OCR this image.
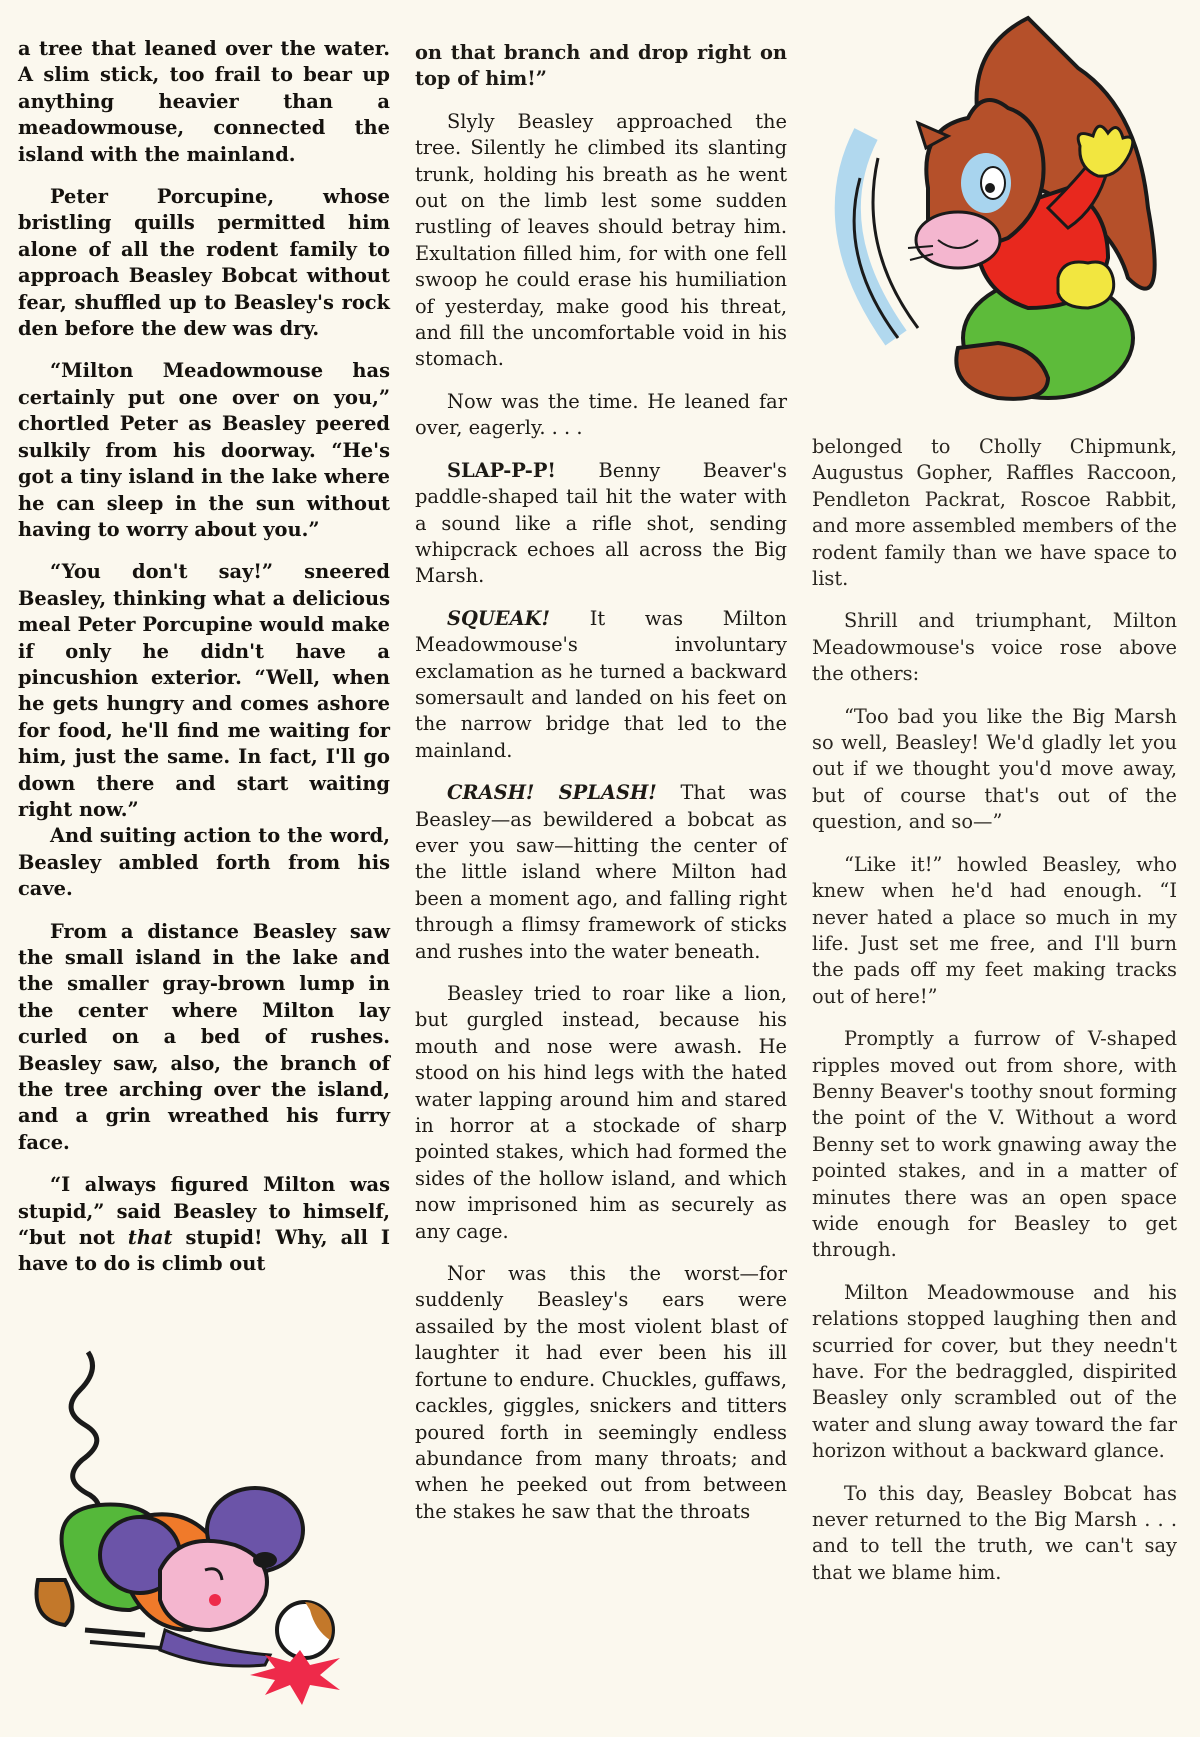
a tree that leaned over the water. A slim stick, too frail to bear up anything heavier than a meadowmouse, connected the island with the mainland.

Peter Porcupine, whose bristling quills permitted him alone of all the rodent family to approach Beasley Bobcat without fear, shuffled up to Beasley's rock den before the dew was dry.

“Milton Meadowmouse has certainly put one over on you,” chortled Peter as Beasley peered sulkily from his doorway. “He's got a tiny island in the lake where he can sleep in the sun without having to worry about you.”

“You don't say!” sneered Beasley, thinking what a delicious meal Peter Porcupine would make if only he didn't have a pincushion exterior. “Well, when he gets hungry and comes ashore for food, he'll find me waiting for him, just the same. In fact, I'll go down there and start waiting right now.”

And suiting action to the word, Beasley ambled forth from his cave.

From a distance Beasley saw the small island in the lake and the smaller gray-brown lump in the center where Milton lay curled on a bed of rushes. Beasley saw, also, the branch of the tree arching over the island, and a grin wreathed his furry face.

“I always figured Milton was stupid,” said Beasley to himself, “but not that stupid! Why, all I have to do is climb out

on that branch and drop right on top of him!”

Slyly Beasley approached the tree. Silently he climbed its slanting trunk, holding his breath as he went out on the limb lest some sudden rustling of leaves should betray him. Exultation filled him, for with one fell swoop he could erase his humiliation of yesterday, make good his threat, and fill the uncomfortable void in his stomach.

Now was the time. He leaned far over, eagerly. . . .

SLAP-P-P! Benny Beaver's paddle-shaped tail hit the water with a sound like a rifle shot, sending whipcrack echoes all across the Big Marsh.

SQUEAK! It was Milton Meadowmouse's involuntary exclamation as he turned a backward somersault and landed on his feet on the narrow bridge that led to the mainland.

CRASH! SPLASH! That was Beasley—as bewildered a bobcat as ever you saw—hitting the center of the little island where Milton had been a moment ago, and falling right through a flimsy framework of sticks and rushes into the water beneath.

Beasley tried to roar like a lion, but gurgled instead, because his mouth and nose were awash. He stood on his hind legs with the hated water lapping around him and stared in horror at a stockade of sharp pointed stakes, which had formed the sides of the hollow island, and which now imprisoned him as securely as any cage.

Nor was this the worst—for suddenly Beasley's ears were assailed by the most violent blast of laughter it had ever been his ill fortune to endure. Chuckles, guffaws, cackles, giggles, snickers and titters poured forth in seemingly endless abundance from many throats; and when he peeked out from between the stakes he saw that the throats

belonged to Cholly Chipmunk, Augustus Gopher, Raffles Raccoon, Pendleton Packrat, Roscoe Rabbit, and more assembled members of the rodent family than we have space to list.

Shrill and triumphant, Milton Meadowmouse's voice rose above the others:

“Too bad you like the Big Marsh so well, Beasley! We'd gladly let you out if we thought you'd move away, but of course that's out of the question, and so—”

“Like it!” howled Beasley, who knew when he'd had enough. “I never hated a place so much in my life. Just set me free, and I'll burn the pads off my feet making tracks out of here!”

Promptly a furrow of V-shaped ripples moved out from shore, with Benny Beaver's toothy snout forming the point of the V. Without a word Benny set to work gnawing away the pointed stakes, and in a matter of minutes there was an open space wide enough for Beasley to get through.

Milton Meadowmouse and his relations stopped laughing then and scurried for cover, but they needn't have. For the bedraggled, dispirited Beasley only scrambled out of the water and slung away toward the far horizon without a backward glance.

To this day, Beasley Bobcat has never returned to the Big Marsh . . . and to tell the truth, we can't say that we blame him.
